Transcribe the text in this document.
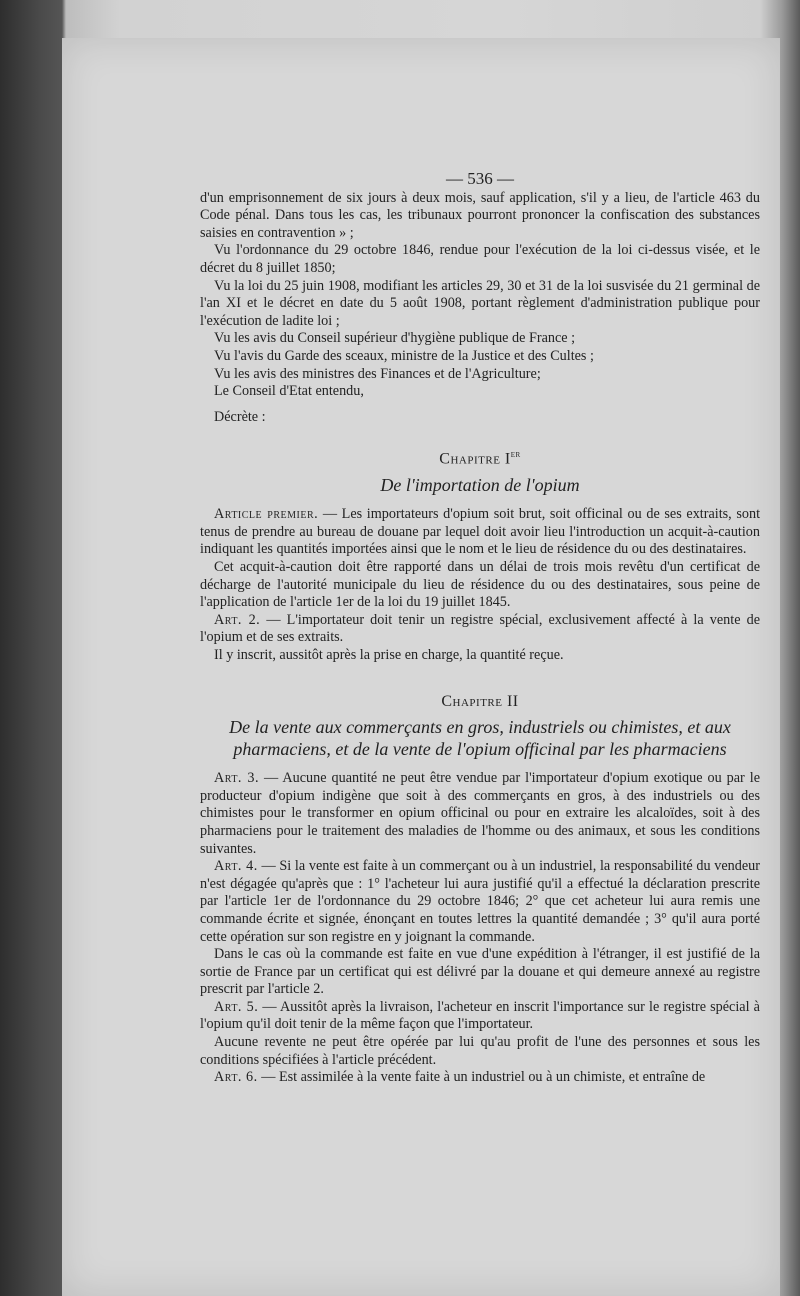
— 536 —

d'un emprisonnement de six jours à deux mois, sauf application, s'il y a lieu, de l'article 463 du Code pénal. Dans tous les cas, les tribunaux pourront prononcer la confiscation des substances saisies en contravention » ;

Vu l'ordonnance du 29 octobre 1846, rendue pour l'exécution de la loi ci-dessus visée, et le décret du 8 juillet 1850;

Vu la loi du 25 juin 1908, modifiant les articles 29, 30 et 31 de la loi susvisée du 21 germinal de l'an XI et le décret en date du 5 août 1908, portant règlement d'administration publique pour l'exécution de ladite loi ;

Vu les avis du Conseil supérieur d'hygiène publique de France ;

Vu l'avis du Garde des sceaux, ministre de la Justice et des Cultes ;

Vu les avis des ministres des Finances et de l'Agriculture;

Le Conseil d'Etat entendu,

Décrète :

Chapitre Ier
De l'importation de l'opium

Article premier. — Les importateurs d'opium soit brut, soit officinal ou de ses extraits, sont tenus de prendre au bureau de douane par lequel doit avoir lieu l'introduction un acquit-à-caution indiquant les quantités importées ainsi que le nom et le lieu de résidence du ou des destinataires.

Cet acquit-à-caution doit être rapporté dans un délai de trois mois revêtu d'un certificat de décharge de l'autorité municipale du lieu de résidence du ou des destinataires, sous peine de l'application de l'article 1er de la loi du 19 juillet 1845.

Art. 2. — L'importateur doit tenir un registre spécial, exclusivement affecté à la vente de l'opium et de ses extraits.

Il y inscrit, aussitôt après la prise en charge, la quantité reçue.

Chapitre II
De la vente aux commerçants en gros, industriels ou chimistes, et aux pharmaciens, et de la vente de l'opium officinal par les pharmaciens

Art. 3. — Aucune quantité ne peut être vendue par l'importateur d'opium exotique ou par le producteur d'opium indigène que soit à des commerçants en gros, à des industriels ou des chimistes pour le transformer en opium officinal ou pour en extraire les alcaloïdes, soit à des pharmaciens pour le traitement des maladies de l'homme ou des animaux, et sous les conditions suivantes.

Art. 4. — Si la vente est faite à un commerçant ou à un industriel, la responsabilité du vendeur n'est dégagée qu'après que : 1° l'acheteur lui aura justifié qu'il a effectué la déclaration prescrite par l'article 1er de l'ordonnance du 29 octobre 1846; 2° que cet acheteur lui aura remis une commande écrite et signée, énonçant en toutes lettres la quantité demandée ; 3° qu'il aura porté cette opération sur son registre en y joignant la commande.

Dans le cas où la commande est faite en vue d'une expédition à l'étranger, il est justifié de la sortie de France par un certificat qui est délivré par la douane et qui demeure annexé au registre prescrit par l'article 2.

Art. 5. — Aussitôt après la livraison, l'acheteur en inscrit l'importance sur le registre spécial à l'opium qu'il doit tenir de la même façon que l'importateur.

Aucune revente ne peut être opérée par lui qu'au profit de l'une des personnes et sous les conditions spécifiées à l'article précédent.

Art. 6. — Est assimilée à la vente faite à un industriel ou à un chimiste, et entraîne de
